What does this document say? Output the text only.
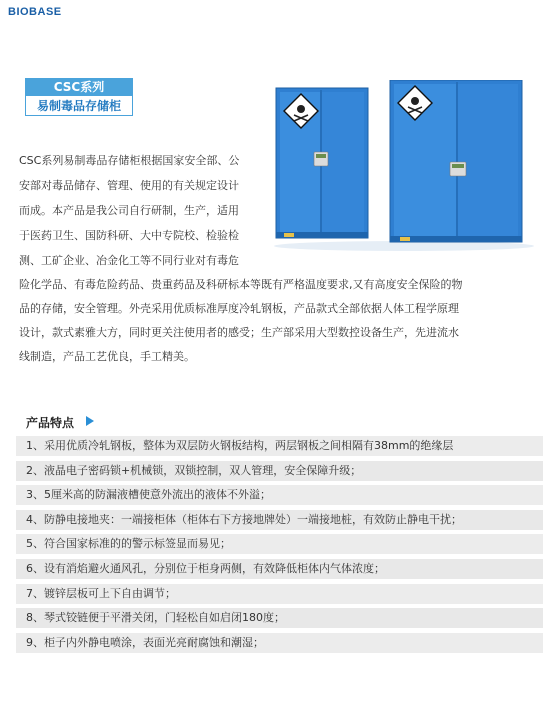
BIOBASE
CSC系列
易制毒品存储柜
CSC系列易制毒品存储柜根据国家安全部、公
安部对毒品储存、管理、使用的有关规定设计
而成。本产品是我公司自行研制，生产，适用
于医药卫生、国防科研、大中专院校、检验检
测、工矿企业、冶金化工等不同行业对有毒危
险化学品、有毒危险药品、贵重药品及科研标本等既有严格温度要求,又有高度安全保险的物
品的存储，安全管理。外壳采用优质标准厚度冷轧钢板，产品款式全部依据人体工程学原理
设计，款式素雅大方，同时更关注使用者的感受；生产部采用大型数控设备生产，先进流水
线制造，产品工艺优良，手工精美。
产品特点
1、采用优质冷轧钢板，整体为双层防火钢板结构，两层钢板之间相隔有38mm的绝缘层
2、液晶电子密码锁+机械锁，双锁控制，双人管理，安全保障升级；
3、5厘米高的防漏液槽使意外流出的液体不外溢；
4、防静电接地夹：一端接柜体（柜体右下方接地牌处）一端接地桩，有效防止静电干扰；
5、符合国家标准的的警示标签显而易见；
6、设有消焰避火通风孔，分别位于柜身两侧，有效降低柜体内气体浓度；
7、镀锌层板可上下自由调节；
8、琴式铰链便于平滑关闭，门轻松自如启闭180度；
9、柜子内外静电喷涂，表面光亮耐腐蚀和潮湿；
